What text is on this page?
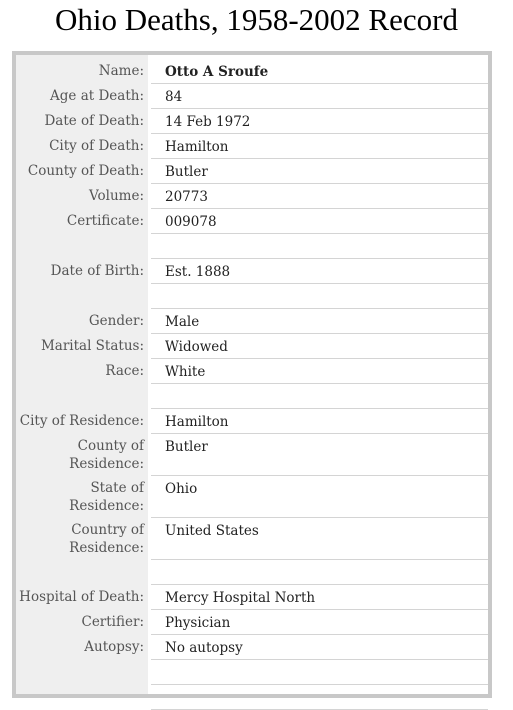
Ohio Deaths, 1958-2002 Record
Name:	Otto A Sroufe
Age at Death:	84
Date of Death:	14 Feb 1972
City of Death:	Hamilton
County of Death:	Butler
Volume:	20773
Certificate:	009078
Date of Birth:	Est. 1888
Gender:	Male
Marital Status:	Widowed
Race:	White
City of Residence:	Hamilton
County of Residence:
Butler
State of Residence:
Ohio
Country of Residence:
United States
Hospital of Death:	Mercy Hospital North
Certifier:	Physician
Autopsy:	No autopsy
